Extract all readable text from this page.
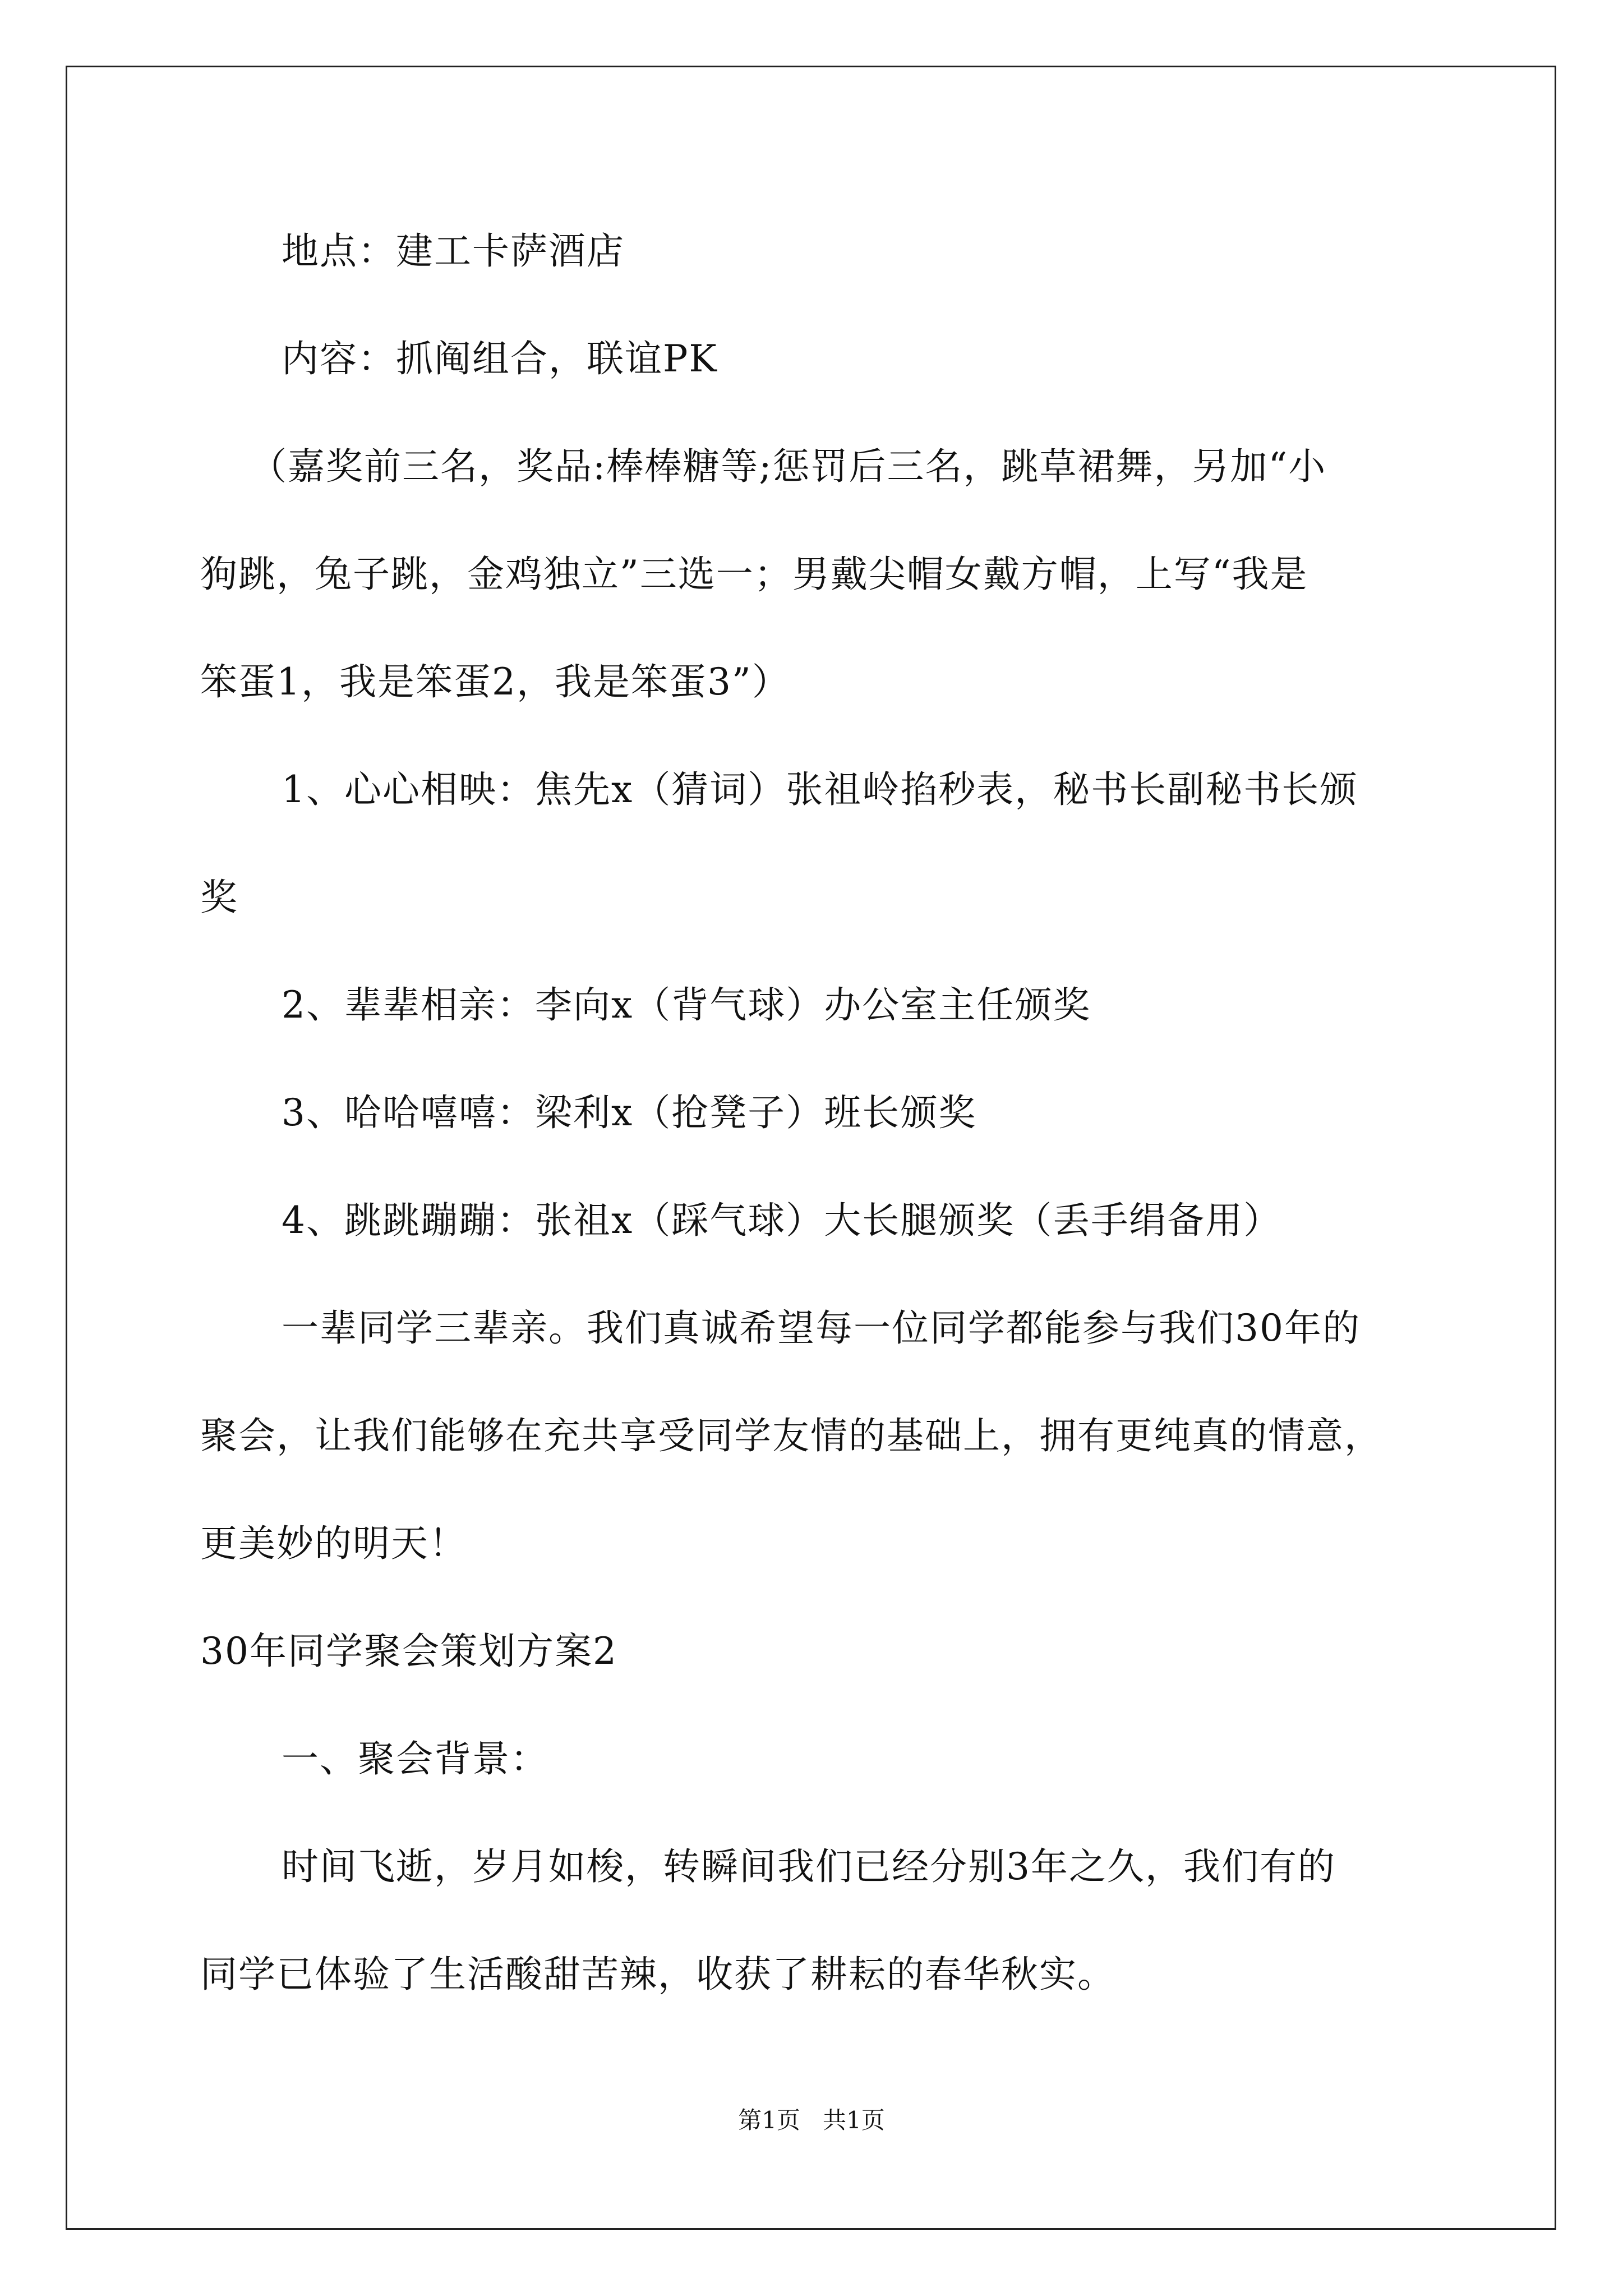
地点：建工卡萨酒店

内容：抓阄组合，联谊PK

（嘉奖前三名，奖品:棒棒糖等;惩罚后三名，跳草裙舞，另加“小

狗跳，兔子跳，金鸡独立”三选一；男戴尖帽女戴方帽，上写“我是

笨蛋1，我是笨蛋2，我是笨蛋3”）

1、心心相映：焦先x（猜词）张祖岭掐秒表，秘书长副秘书长颁

奖

2、辈辈相亲：李向x（背气球）办公室主任颁奖

3、哈哈嘻嘻：梁利x（抢凳子）班长颁奖

4、跳跳蹦蹦：张祖x（踩气球）大长腿颁奖（丢手绢备用）

一辈同学三辈亲。我们真诚希望每一位同学都能参与我们30年的

聚会，让我们能够在充共享受同学友情的基础上，拥有更纯真的情意，

更美妙的明天！

30年同学聚会策划方案2

一、聚会背景：

时间飞逝，岁月如梭，转瞬间我们已经分别3年之久，我们有的

同学已体验了生活酸甜苦辣，收获了耕耘的春华秋实。

第1页   共1页
